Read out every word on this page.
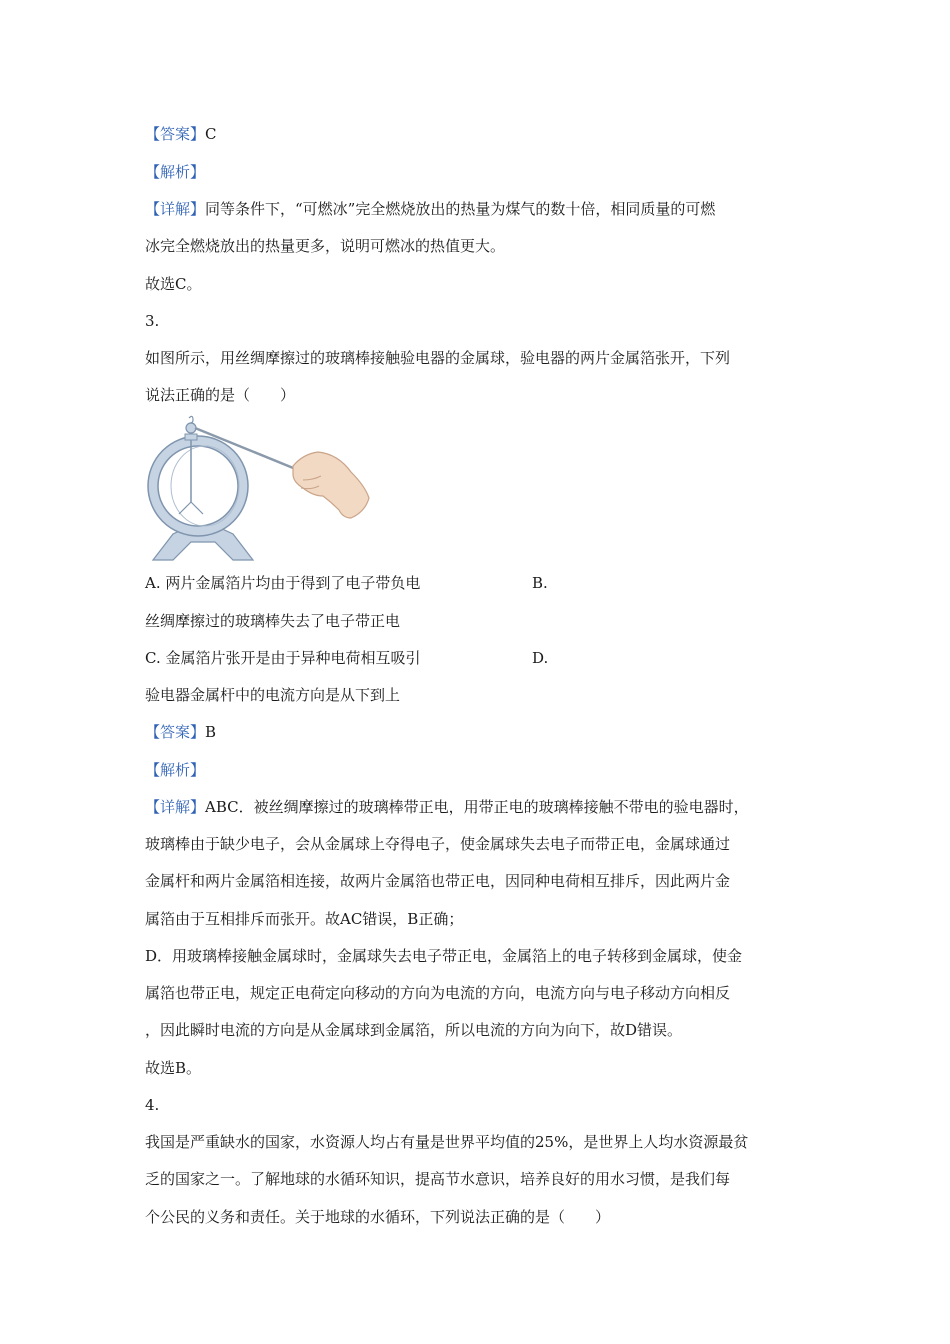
【答案】C
【解析】
【详解】同等条件下，“可燃冰”完全燃烧放出的热量为煤气的数十倍，相同质量的可燃
冰完全燃烧放出的热量更多，说明可燃冰的热值更大。
故选C。
3.
如图所示，用丝绸摩擦过的玻璃棒接触验电器的金属球，验电器的两片金属箔张开，下列
说法正确的是（　　）
A. 两片金属箔片均由于得到了电子带负电	B.
丝绸摩擦过的玻璃棒失去了电子带正电
C. 金属箔片张开是由于异种电荷相互吸引	D.
验电器金属杆中的电流方向是从下到上
【答案】B
【解析】
【详解】ABC．被丝绸摩擦过的玻璃棒带正电，用带正电的玻璃棒接触不带电的验电器时，
玻璃棒由于缺少电子，会从金属球上夺得电子，使金属球失去电子而带正电，金属球通过
金属杆和两片金属箔相连接，故两片金属箔也带正电，因同种电荷相互排斥，因此两片金
属箔由于互相排斥而张开。故AC错误，B正确；
D．用玻璃棒接触金属球时，金属球失去电子带正电，金属箔上的电子转移到金属球，使金
属箔也带正电，规定正电荷定向移动的方向为电流的方向，电流方向与电子移动方向相反
，因此瞬时电流的方向是从金属球到金属箔，所以电流的方向为向下，故D错误。
故选B。
4.
我国是严重缺水的国家，水资源人均占有量是世界平均值的25%，是世界上人均水资源最贫
乏的国家之一。了解地球的水循环知识，提高节水意识，培养良好的用水习惯，是我们每
个公民的义务和责任。关于地球的水循环，下列说法正确的是（　　）
